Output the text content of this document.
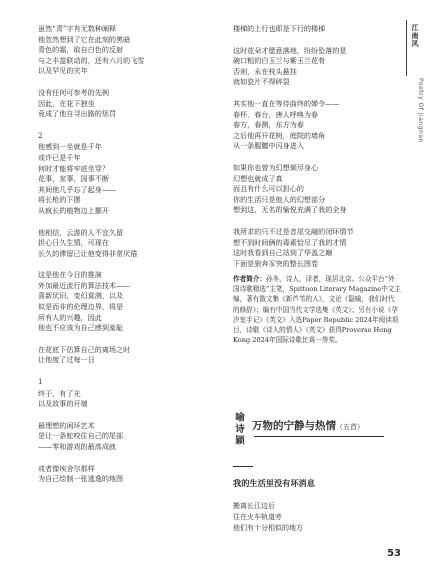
江南风
Poetry Of Jiangnan
虽然“青”字有无数种阐释
他忽然想到了它在此刻的黑暗
青色的霜，取自白色的反射
与之丰盈联动的，还有六月的飞雪
以及罕见的灾年
没有任何可参考的先例
因此，在花下独坐
竟成了他自寻出路的惩罚
2
他感到一坐就是千年
或许已是千年
何时才能将牢底坐穿？
花事，家事，国事不断
其间他几乎忘了起身——
将长枪的下摆
从疯长的植物边上挪开
他相信，云游的人不宜久留
担心日久生情，可现在
长久的滞留已让他变得非常厌倦
这是他在今日的推演
外加最近流行的算法技术——
喜新厌旧，变幻莫测，以及
似是而非的伦理边界，将是
所有人的兴趣，因此
他也不应该为自己感到羞耻
在花底下估算自己的离场之时
让他度了过每一日
1
终于，有了光
以及故事的开端
最理想的闲环艺术
是让一条蛇咬住自己的尾部
——零和游戏的最高成就
或者像埃舍尔那样
为自己绘制一张逃逸的地图
楼梯的上行也即是下行的楼梯
这时花朵才愿意落地，纷纷坠落的是
碗口粗的白玉兰与紫玉兰花骨
否则，永在枝头悬挂
就如瓷片不得碎裂
其实他一直在等待曲终的婵令——
春杯，春台，唐人呼唤为春
春方，春测，东方为春
之后他再开花树，庭院的墙角
从一条腥膻中闪身进入
如果你也曾为幻想倾尽身心
幻想也就成了真
而且有什么可以担心的
你的生活只是他人的幻想部分
想到这，无名的愉悦充满了我的全身
我所求的只不过是音尾交融的闭环情节
想不到时间俩的毒素恰尽了我的才情
这时我看到自己站到了华盖之巅
下面是狼奔豕突的整长图卷
作者简介：孙冬，诗人，译者，现居北京。公众平台“外国诗歌精选”主笔，Spittoon Literary Magazine中文主编，著有散文集《新芦苇的人》，文论《隐喻，我们时代的修辞》；编有中国当代文学选集《英文》；另有小说《孕汐室手记》《英文》入选Paper Republic 2024年阅读项目，诗歌《诗人的情人》《英文》获得Proverse Hong Kong 2024年国际诗歌比赛一等奖。
喻诗颖 万物的宁静与热情（五首）
我的生活里没有坏消息
搬离长江边后
住在火车轨道旁
他们有十分相似的地方
53
